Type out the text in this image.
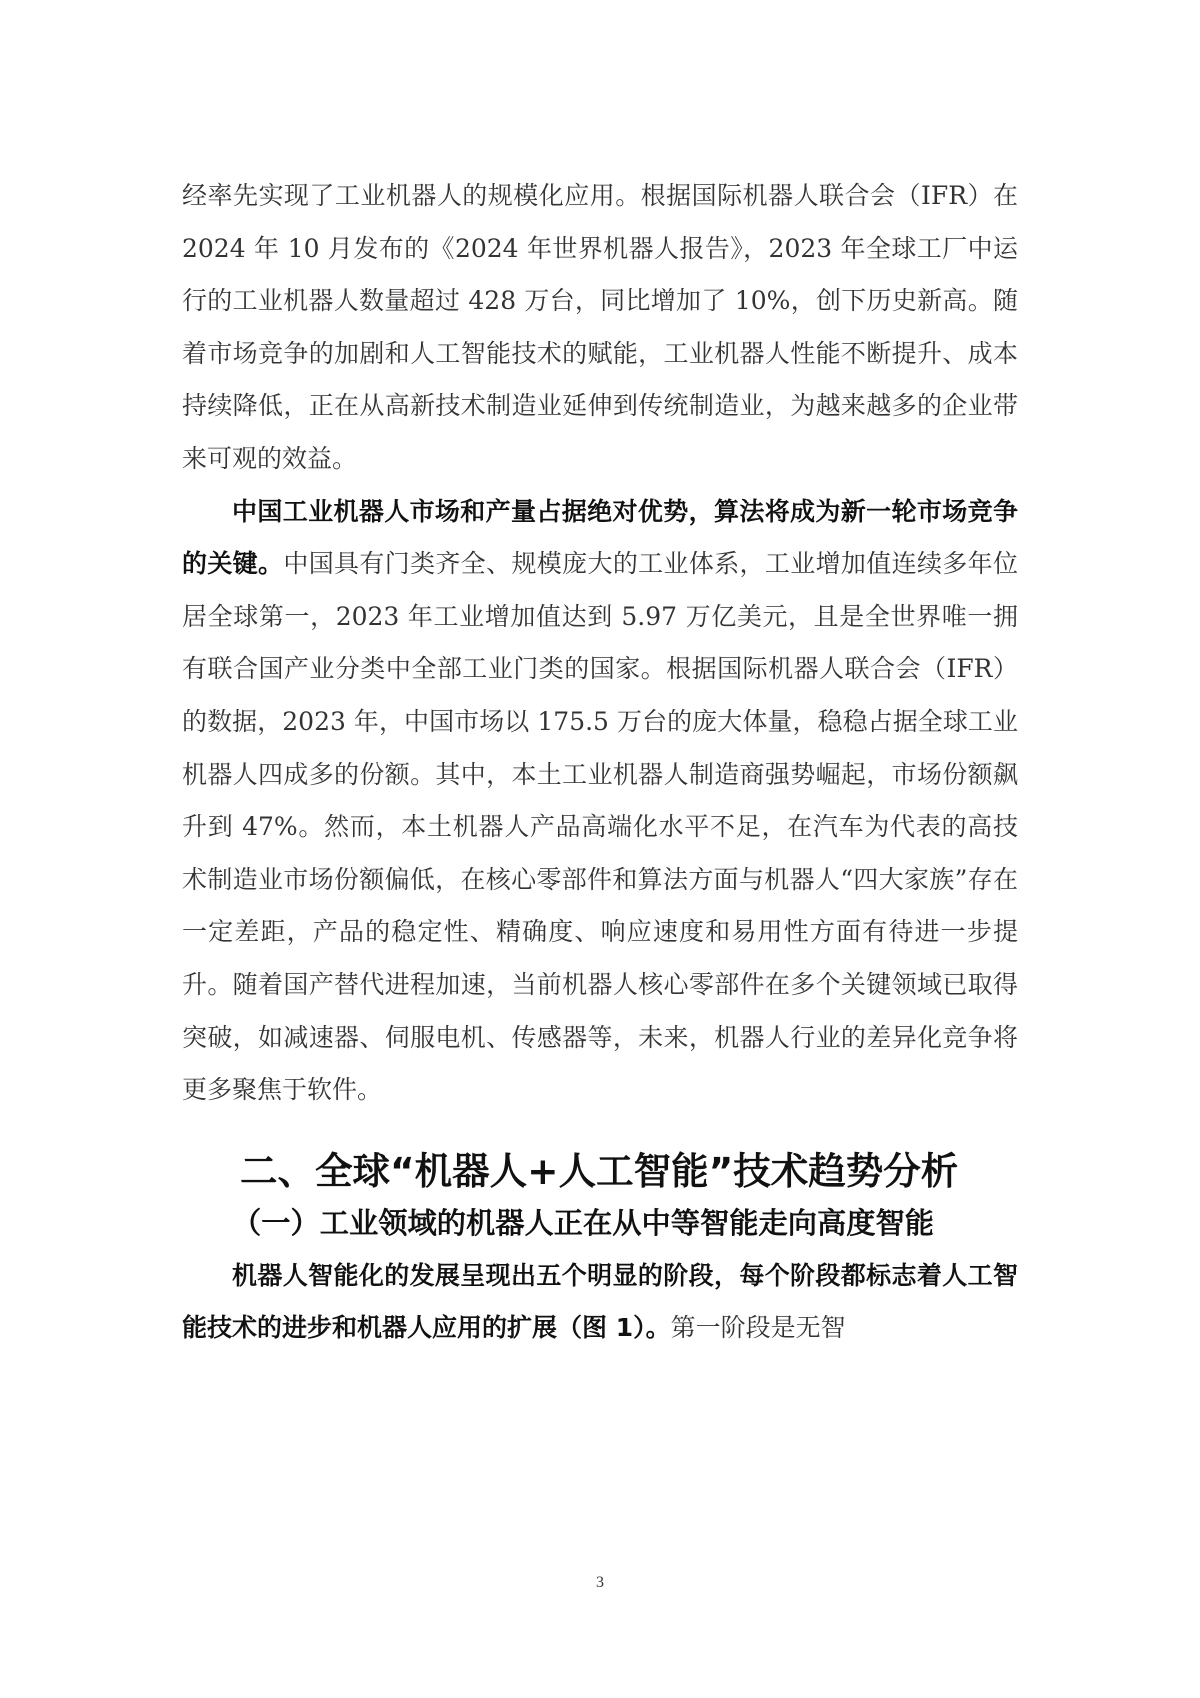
经率先实现了工业机器人的规模化应用。根据国际机器人联合会（IFR）在 2024 年 10 月发布的《2024 年世界机器人报告》，2023 年全球工厂中运行的工业机器人数量超过 428 万台，同比增加了 10%，创下历史新高。随着市场竞争的加剧和人工智能技术的赋能，工业机器人性能不断提升、成本持续降低，正在从高新技术制造业延伸到传统制造业，为越来越多的企业带来可观的效益。

中国工业机器人市场和产量占据绝对优势，算法将成为新一轮市场竞争的关键。中国具有门类齐全、规模庞大的工业体系，工业增加值连续多年位居全球第一，2023 年工业增加值达到 5.97 万亿美元，且是全世界唯一拥有联合国产业分类中全部工业门类的国家。根据国际机器人联合会（IFR）的数据，2023 年，中国市场以 175.5 万台的庞大体量，稳稳占据全球工业机器人四成多的份额。其中，本土工业机器人制造商强势崛起，市场份额飙升到 47%。然而，本土机器人产品高端化水平不足，在汽车为代表的高技术制造业市场份额偏低，在核心零部件和算法方面与机器人“四大家族”存在一定差距，产品的稳定性、精确度、响应速度和易用性方面有待进一步提升。随着国产替代进程加速，当前机器人核心零部件在多个关键领域已取得突破，如减速器、伺服电机、传感器等，未来，机器人行业的差异化竞争将更多聚焦于软件。

二、全球“机器人+人工智能”技术趋势分析
（一）工业领域的机器人正在从中等智能走向高度智能

机器人智能化的发展呈现出五个明显的阶段，每个阶段都标志着人工智能技术的进步和机器人应用的扩展（图 1）。第一阶段是无智

3
